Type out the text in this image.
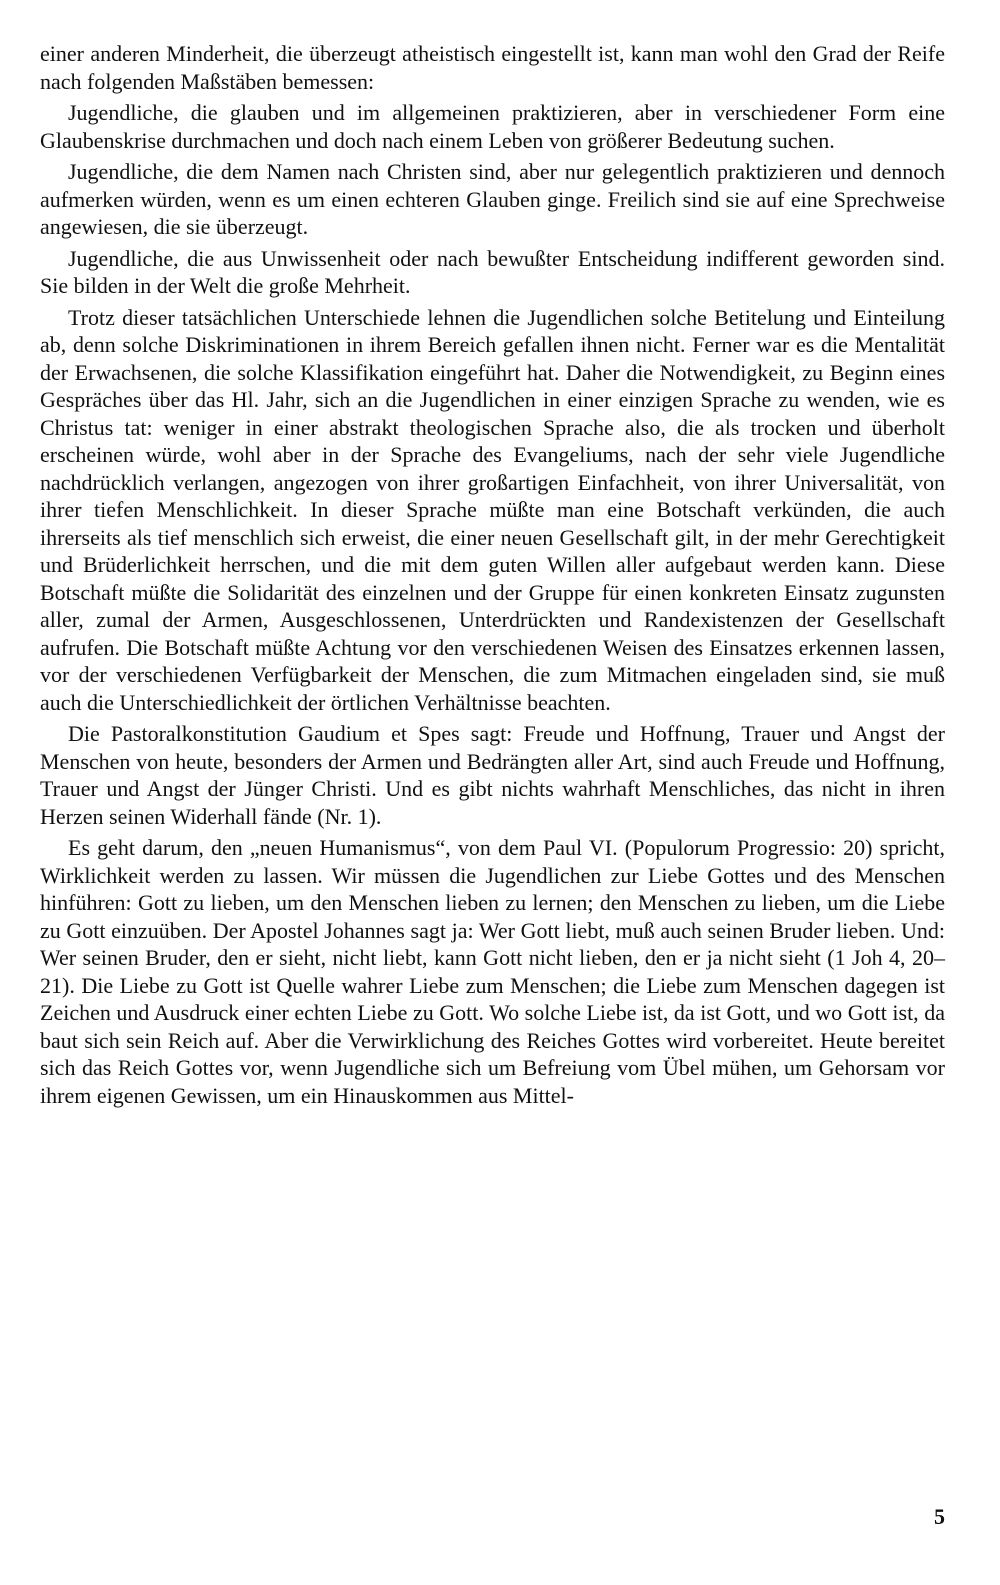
einer anderen Minderheit, die überzeugt atheistisch eingestellt ist, kann man wohl den Grad der Reife nach folgenden Maßstäben bemessen:

Jugendliche, die glauben und im allgemeinen praktizieren, aber in verschiedener Form eine Glaubenskrise durchmachen und doch nach einem Leben von größerer Bedeutung suchen.

Jugendliche, die dem Namen nach Christen sind, aber nur gelegentlich praktizieren und dennoch aufmerken würden, wenn es um einen echteren Glauben ginge. Freilich sind sie auf eine Sprechweise angewiesen, die sie überzeugt.

Jugendliche, die aus Unwissenheit oder nach bewußter Entscheidung indifferent geworden sind. Sie bilden in der Welt die große Mehrheit.

Trotz dieser tatsächlichen Unterschiede lehnen die Jugendlichen solche Betitelung und Einteilung ab, denn solche Diskriminationen in ihrem Bereich gefallen ihnen nicht. Ferner war es die Mentalität der Erwachsenen, die solche Klassifikation eingeführt hat. Daher die Notwendigkeit, zu Beginn eines Gespräches über das Hl. Jahr, sich an die Jugendlichen in einer einzigen Sprache zu wenden, wie es Christus tat: weniger in einer abstrakt theologischen Sprache also, die als trocken und überholt erscheinen würde, wohl aber in der Sprache des Evangeliums, nach der sehr viele Jugendliche nachdrücklich verlangen, angezogen von ihrer großartigen Einfachheit, von ihrer Universalität, von ihrer tiefen Menschlichkeit. In dieser Sprache müßte man eine Botschaft verkünden, die auch ihrerseits als tief menschlich sich erweist, die einer neuen Gesellschaft gilt, in der mehr Gerechtigkeit und Brüderlichkeit herrschen, und die mit dem guten Willen aller aufgebaut werden kann. Diese Botschaft müßte die Solidarität des einzelnen und der Gruppe für einen konkreten Einsatz zugunsten aller, zumal der Armen, Ausgeschlossenen, Unterdrückten und Randexistenzen der Gesellschaft aufrufen. Die Botschaft müßte Achtung vor den verschiedenen Weisen des Einsatzes erkennen lassen, vor der verschiedenen Verfügbarkeit der Menschen, die zum Mitmachen eingeladen sind, sie muß auch die Unterschiedlichkeit der örtlichen Verhältnisse beachten.

Die Pastoralkonstitution Gaudium et Spes sagt: Freude und Hoffnung, Trauer und Angst der Menschen von heute, besonders der Armen und Bedrängten aller Art, sind auch Freude und Hoffnung, Trauer und Angst der Jünger Christi. Und es gibt nichts wahrhaft Menschliches, das nicht in ihren Herzen seinen Widerhall fände (Nr. 1).

Es geht darum, den „neuen Humanismus“, von dem Paul VI. (Populorum Progressio: 20) spricht, Wirklichkeit werden zu lassen. Wir müssen die Jugendlichen zur Liebe Gottes und des Menschen hinführen: Gott zu lieben, um den Menschen lieben zu lernen; den Menschen zu lieben, um die Liebe zu Gott einzuüben. Der Apostel Johannes sagt ja: Wer Gott liebt, muß auch seinen Bruder lieben. Und: Wer seinen Bruder, den er sieht, nicht liebt, kann Gott nicht lieben, den er ja nicht sieht (1 Joh 4, 20–21). Die Liebe zu Gott ist Quelle wahrer Liebe zum Menschen; die Liebe zum Menschen dagegen ist Zeichen und Ausdruck einer echten Liebe zu Gott. Wo solche Liebe ist, da ist Gott, und wo Gott ist, da baut sich sein Reich auf. Aber die Verwirklichung des Reiches Gottes wird vorbereitet. Heute bereitet sich das Reich Gottes vor, wenn Jugendliche sich um Befreiung vom Übel mühen, um Gehorsam vor ihrem eigenen Gewissen, um ein Hinauskommen aus Mittel-

5
